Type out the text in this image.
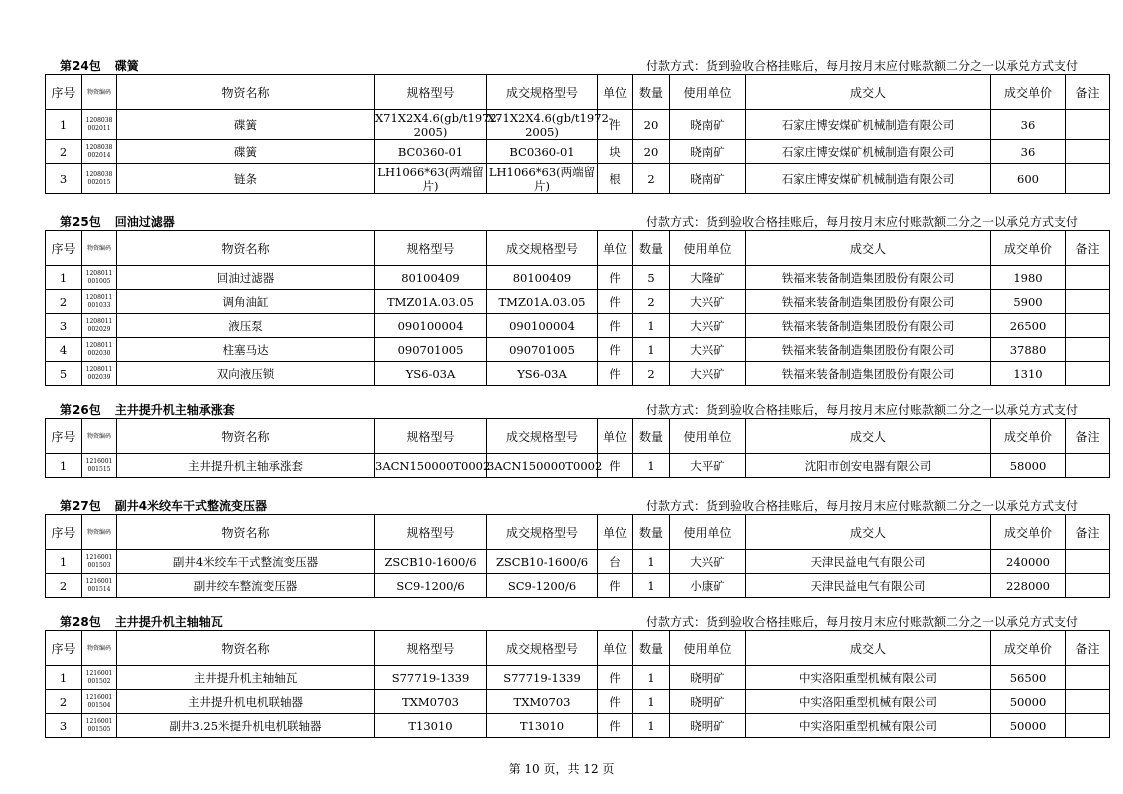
第24包 碟簧	付款方式：货到验收合格挂账后，每月按月末应付账款额二分之一以承兑方式支付
序号	物资编码	物资名称	规格型号	成交规格型号	单位	数量	使用单位	成交人	成交单价	备注
1	1208038 002011	碟簧	X71X2X4.6(gb/t1972-2005)	X71X2X4.6(gb/t1972-2005)	件	20	晓南矿	石家庄博安煤矿机械制造有限公司	36	
2	1208038 002014	碟簧	BC0360-01	BC0360-01	块	20	晓南矿	石家庄博安煤矿机械制造有限公司	36	
3	1208038 002015	链条	LH1066*63(两端留片)	LH1066*63(两端留片)	根	2	晓南矿	石家庄博安煤矿机械制造有限公司	600	
第25包 回油过滤器	付款方式：货到验收合格挂账后，每月按月末应付账款额二分之一以承兑方式支付
序号	物资编码	物资名称	规格型号	成交规格型号	单位	数量	使用单位	成交人	成交单价	备注
1	1208011 001005	回油过滤器	80100409	80100409	件	5	大隆矿	铁福来装备制造集团股份有限公司	1980	
2	1208011 001033	调角油缸	TMZ01A.03.05	TMZ01A.03.05	件	2	大兴矿	铁福来装备制造集团股份有限公司	5900	
3	1208011 002029	液压泵	090100004	090100004	件	1	大兴矿	铁福来装备制造集团股份有限公司	26500	
4	1208011 002030	柱塞马达	090701005	090701005	件	1	大兴矿	铁福来装备制造集团股份有限公司	37880	
5	1208011 002039	双向液压锁	YS6-03A	YS6-03A	件	2	大兴矿	铁福来装备制造集团股份有限公司	1310	
第26包 主井提升机主轴承涨套	付款方式：货到验收合格挂账后，每月按月末应付账款额二分之一以承兑方式支付
序号	物资编码	物资名称	规格型号	成交规格型号	单位	数量	使用单位	成交人	成交单价	备注
1	1216001 001515	主井提升机主轴承涨套	3ACN150000T0002	3ACN150000T0002	件	1	大平矿	沈阳市创安电器有限公司	58000	
第27包 副井4米绞车干式整流变压器	付款方式：货到验收合格挂账后，每月按月末应付账款额二分之一以承兑方式支付
序号	物资编码	物资名称	规格型号	成交规格型号	单位	数量	使用单位	成交人	成交单价	备注
1	1216001 001503	副井4米绞车干式整流变压器	ZSCB10-1600/6	ZSCB10-1600/6	台	1	大兴矿	天津民益电气有限公司	240000	
2	1216001 001514	副井绞车整流变压器	SC9-1200/6	SC9-1200/6	件	1	小康矿	天津民益电气有限公司	228000	
第28包 主井提升机主轴轴瓦	付款方式：货到验收合格挂账后，每月按月末应付账款额二分之一以承兑方式支付
序号	物资编码	物资名称	规格型号	成交规格型号	单位	数量	使用单位	成交人	成交单价	备注
1	1216001 001502	主井提升机主轴轴瓦	S77719-1339	S77719-1339	件	1	晓明矿	中实洛阳重型机械有限公司	56500	
2	1216001 001504	主井提升机电机联轴器	TXM0703	TXM0703	件	1	晓明矿	中实洛阳重型机械有限公司	50000	
3	1216001 001505	副井3.25米提升机电机联轴器	T13010	T13010	件	1	晓明矿	中实洛阳重型机械有限公司	50000	
第 10 页，共 12 页
